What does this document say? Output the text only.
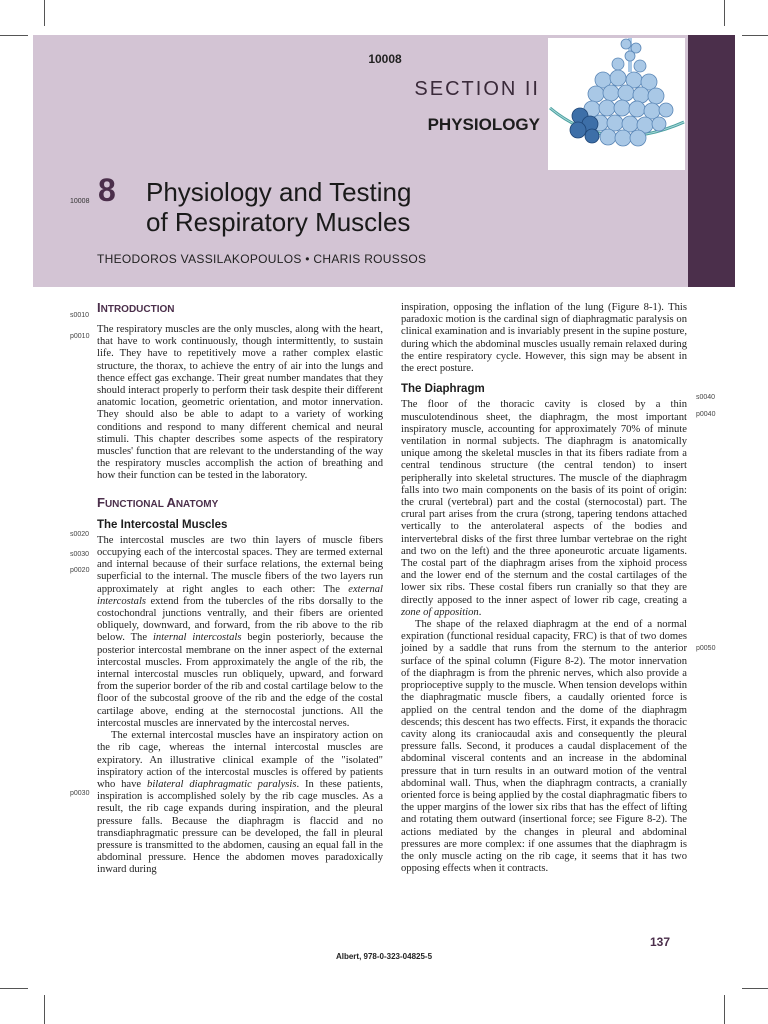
10008
SECTION II
PHYSIOLOGY
10008 8 Physiology and Testing
of Respiratory Muscles
THEODOROS VASSILAKOPOULOS • CHARIS ROUSSOS
s0010
p0010
s0020
s0030
p0020
p0030
s0040
p0040
p0050
INTRODUCTION

The respiratory muscles are the only muscles, along with the heart, that have to work continuously, though intermittently, to sustain life. They have to repetitively move a rather complex elastic structure, the thorax, to achieve the entry of air into the lungs and thence effect gas exchange. Their great number mandates that they should interact properly to perform their task despite their different anatomic location, geometric orientation, and motor innervation. They should also be able to adapt to a variety of working conditions and respond to many different chemical and neural stimuli. This chapter describes some aspects of the respiratory muscles' function that are relevant to the understanding of the way the respiratory muscles accomplish the action of breathing and how their function can be tested in the laboratory.

FUNCTIONAL ANATOMY
The Intercostal Muscles

The intercostal muscles are two thin layers of muscle fibers occupying each of the intercostal spaces. They are termed external and internal because of their surface relations, the external being superficial to the internal. The muscle fibers of the two layers run approximately at right angles to each other: The external intercostals extend from the tubercles of the ribs dorsally to the costochondral junctions ventrally, and their fibers are oriented obliquely, downward, and forward, from the rib above to the rib below. The internal intercostals begin posteriorly, because the posterior intercostal membrane on the inner aspect of the external intercostal muscles. From approximately the angle of the rib, the internal intercostal muscles run obliquely, upward, and forward from the superior border of the rib and costal cartilage below to the floor of the subcostal groove of the rib and the edge of the costal cartilage above, ending at the sternocostal junctions. All the intercostal muscles are innervated by the intercostal nerves.

The external intercostal muscles have an inspiratory action on the rib cage, whereas the internal intercostal muscles are expiratory. An illustrative clinical example of the "isolated" inspiratory action of the intercostal muscles is offered by patients who have bilateral diaphragmatic paralysis. In these patients, inspiration is accomplished solely by the rib cage muscles. As a result, the rib cage expands during inspiration, and the pleural pressure falls. Because the diaphragm is flaccid and no transdiaphragmatic pressure can be developed, the fall in pleural pressure is transmitted to the abdomen, causing an equal fall in the abdominal pressure. Hence the abdomen moves paradoxically inward during

inspiration, opposing the inflation of the lung (Figure 8-1). This paradoxic motion is the cardinal sign of diaphragmatic paralysis on clinical examination and is invariably present in the supine posture, during which the abdominal muscles usually remain relaxed during the entire respiratory cycle. However, this sign may be absent in the erect posture.

The Diaphragm

The floor of the thoracic cavity is closed by a thin musculotendinous sheet, the diaphragm, the most important inspiratory muscle, accounting for approximately 70% of minute ventilation in normal subjects. The diaphragm is anatomically unique among the skeletal muscles in that its fibers radiate from a central tendinous structure (the central tendon) to insert peripherally into skeletal structures. The muscle of the diaphragm falls into two main components on the basis of its point of origin: the crural (vertebral) part and the costal (sternocostal) part. The crural part arises from the crura (strong, tapering tendons attached vertically to the anterolateral aspects of the bodies and intervertebral disks of the first three lumbar vertebrae on the right and two on the left) and the three aponeurotic arcuate ligaments. The costal part of the diaphragm arises from the xiphoid process and the lower end of the sternum and the costal cartilages of the lower six ribs. These costal fibers run cranially so that they are directly apposed to the inner aspect of lower rib cage, creating a zone of apposition.

The shape of the relaxed diaphragm at the end of a normal expiration (functional residual capacity, FRC) is that of two domes joined by a saddle that runs from the sternum to the anterior surface of the spinal column (Figure 8-2). The motor innervation of the diaphragm is from the phrenic nerves, which also provide a proprioceptive supply to the muscle. When tension develops within the diaphragmatic muscle fibers, a caudally oriented force is applied on the central tendon and the dome of the diaphragm descends; this descent has two effects. First, it expands the thoracic cavity along its craniocaudal axis and consequently the pleural pressure falls. Second, it produces a caudal displacement of the abdominal visceral contents and an increase in the abdominal pressure that in turn results in an outward motion of the ventral abdominal wall. Thus, when the diaphragm contracts, a cranially oriented force is being applied by the costal diaphragmatic fibers to the upper margins of the lower six ribs that has the effect of lifting and rotating them outward (insertional force; see Figure 8-2). The actions mediated by the changes in pleural and abdominal pressures are more complex: if one assumes that the diaphragm is the only muscle acting on the rib cage, it seems that it has two opposing effects when it contracts.

137
Albert, 978-0-323-04825-5
